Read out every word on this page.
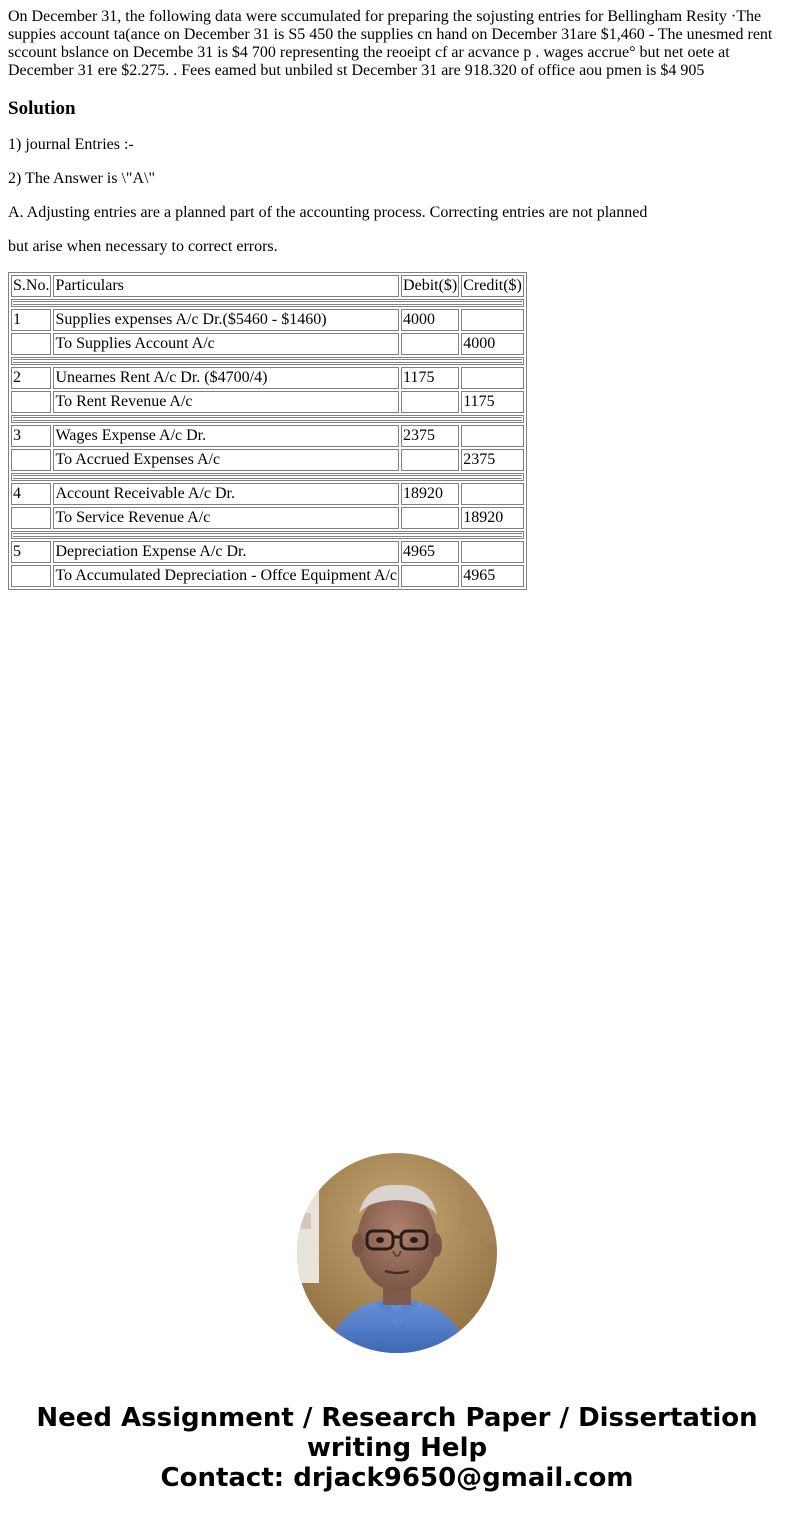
On December 31, the following data were sccumulated for preparing the sojusting entries for Bellingham Resity ·The suppies account ta(ance on December 31 is S5 450 the supplies cn hand on December 31are $1,460 - The unesmed rent sccount bslance on Decembe 31 is $4 700 representing the reoeipt cf ar acvance p . wages accrue° but net oete at December 31 ere $2.275. . Fees eamed but unbiled st December 31 are 918.320 of office aou pmen is $4 905

Solution

1) journal Entries :-

2) The Answer is \"A\"

A. Adjusting entries are a planned part of the accounting process. Correcting entries are not planned

but arise when necessary to correct errors.

S.No.	Particulars	Debit($)	Credit($)

1	Supplies expenses A/c Dr.($5460 - $1460)	4000	
	To Supplies Account A/c		4000

2	Unearnes Rent A/c Dr. ($4700/4)	1175	
	To Rent Revenue A/c		1175

3	Wages Expense A/c Dr.	2375	
	To Accrued Expenses A/c		2375

4	Account Receivable A/c Dr.	18920	
	To Service Revenue A/c		18920

5	Depreciation Expense A/c Dr.	4965	
	To Accumulated Depreciation - Offce Equipment A/c		4965
Need Assignment / Research Paper / Dissertation
writing Help
Contact: drjack9650@gmail.com
